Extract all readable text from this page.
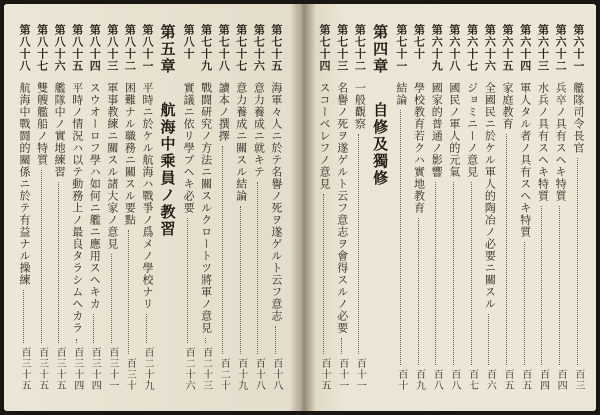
第七十五
海軍々人ニ於テ名譽ノ死ヲ遂ゲルト云フ意志
百十八
第七十六
意力養成ニ就キテ
百十八
第七十七
意力養成ニ關スル結論
百十九
第七十八
讀本ノ撰擇
百二十
第七十九
戰闘研究ノ方法ニ關スルクロートツ將軍ノ意見
百二十三
第八十
實議ニ依リ學ブヘキ必要
百二十六
第五章
航海中乘員ノ教習
第八十一
平時ニ於ケル航海ハ戰爭ノ爲メノ學校ナリ
百二十九
第八十二
困難ナル職務ニ關スル要點
百三十
第八十三
軍事教練ニ關スル諸大家ノ意見
百三十一
第八十四
スウオーロフ學ハ如何ニ艦ニ應用スヘキカ
百三十四
第八十五
平時ノ情況ハ以テ動務上ノ最良タラシムヘカラ
百三十四
第八十六
艦隊中ノ實地練習
百三十五
第八十七
雙艘艦船ノ特質
百三十五
第八十八
航海中戰闘的關係ニ於テ有益ナル操練
百三十五
第六十一
艦隊司令長官
百三
第六十二
兵卒ノ具有スヘキ特質
百四
第六十三
水兵ノ具有スヘキ特質
百四
第六十四
軍人タル者ノ具有スヘキ特質
百五
第六十五
家庭教育
百五
第六十六
全國民ニ於ケル軍人的陶冶ノ必要ニ關スル
百六
第六十七
ジョミニーノ意見
百七
第六十八
國民ノ軍人的元氣
百八
第六十九
國家的普通ノ影響
百八
第七十
學校教育若クハ實地教育
百九
第七十一
結論
百十
第四章
自修及獨修
第七十二
一般觀察
百十一
第七十三
名譽ノ死ヲ遂ゲルト云フ意志ヲ會得スルノ必要
百十一
第七十四
スコーベレフノ意見
百十五
